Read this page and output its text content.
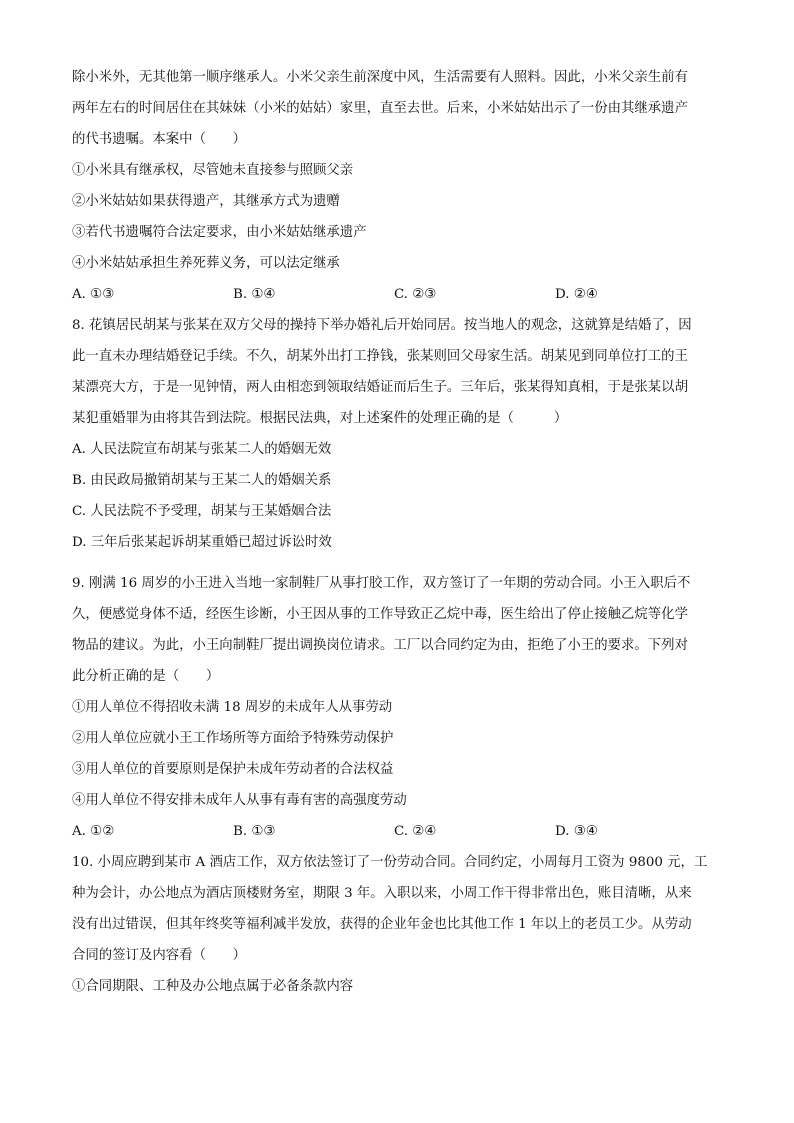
除小米外，无其他第一顺序继承人。小米父亲生前深度中风，生活需要有人照料。因此，小米父亲生前有
两年左右的时间居住在其妹妹（小米的姑姑）家里，直至去世。后来，小米姑姑出示了一份由其继承遗产
的代书遗嘱。本案中（　　）
①小米具有继承权，尽管她未直接参与照顾父亲
②小米姑姑如果获得遗产，其继承方式为遗赠
③若代书遗嘱符合法定要求，由小米姑姑继承遗产
④小米姑姑承担生养死葬义务，可以法定继承
A. ①③	B. ①④	C. ②③	D. ②④
8. 花镇居民胡某与张某在双方父母的操持下举办婚礼后开始同居。按当地人的观念，这就算是结婚了，因
此一直未办理结婚登记手续。不久，胡某外出打工挣钱，张某则回父母家生活。胡某见到同单位打工的王
某漂亮大方，于是一见钟情，两人由相恋到领取结婚证而后生子。三年后，张某得知真相，于是张某以胡
某犯重婚罪为由将其告到法院。根据民法典，对上述案件的处理正确的是（　　　）
A. 人民法院宣布胡某与张某二人的婚姻无效
B. 由民政局撤销胡某与王某二人的婚姻关系
C. 人民法院不予受理，胡某与王某婚姻合法
D. 三年后张某起诉胡某重婚已超过诉讼时效
9. 刚满 16 周岁的小王进入当地一家制鞋厂从事打胶工作，双方签订了一年期的劳动合同。小王入职后不
久，便感觉身体不适，经医生诊断，小王因从事的工作导致正乙烷中毒，医生给出了停止接触乙烷等化学
物品的建议。为此，小王向制鞋厂提出调换岗位请求。工厂以合同约定为由，拒绝了小王的要求。下列对
此分析正确的是（　　）
①用人单位不得招收未满 18 周岁的未成年人从事劳动
②用人单位应就小王工作场所等方面给予特殊劳动保护
③用人单位的首要原则是保护未成年劳动者的合法权益
④用人单位不得安排未成年人从事有毒有害的高强度劳动
A. ①②	B. ①③	C. ②④	D. ③④
10. 小周应聘到某市 A 酒店工作，双方依法签订了一份劳动合同。合同约定，小周每月工资为 9800 元，工
种为会计，办公地点为酒店顶楼财务室，期限 3 年。入职以来，小周工作干得非常出色，账目清晰，从来
没有出过错误，但其年终奖等福利减半发放，获得的企业年金也比其他工作 1 年以上的老员工少。从劳动
合同的签订及内容看（　　）
①合同期限、工种及办公地点属于必备条款内容
